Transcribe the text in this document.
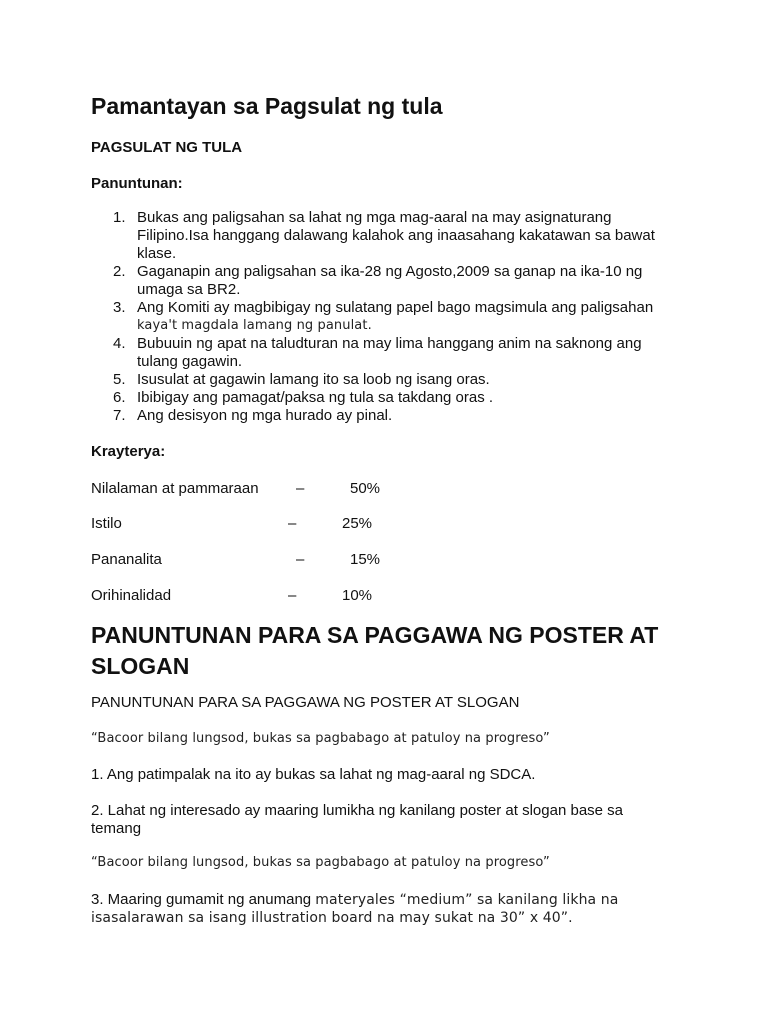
Pamantayan sa Pagsulat ng tula
PAGSULAT NG TULA
Panuntunan:
1. Bukas ang paligsahan sa lahat ng mga mag-aaral na may asignaturang
Filipino.Isa hanggang dalawang kalahok ang inaasahang kakatawan sa bawat
klase.
2. Gaganapin ang paligsahan sa ika-28 ng Agosto,2009 sa ganap na ika-10 ng
umaga sa BR2.
3. Ang Komiti ay magbibigay ng sulatang papel bago magsimula ang paligsahan
kaya't magdala lamang ng panulat.
4. Bubuuin ng apat na taludturan na may lima hanggang anim na saknong ang
tulang gagawin.
5. Isusulat at gagawin lamang ito sa loob ng isang oras.
6. Ibibigay ang pamagat/paksa ng tula sa takdang oras .
7. Ang desisyon ng mga hurado ay pinal.
Krayterya:
Nilalaman at pammaraan –	50%
Istilo	–	25%
Pananalita	–	15%
Orihinalidad	–	10%
PANUNTUNAN PARA SA PAGGAWA NG POSTER AT
SLOGAN
PANUNTUNAN PARA SA PAGGAWA NG POSTER AT SLOGAN
“Bacoor bilang lungsod, bukas sa pagbabago at patuloy na progreso”
1. Ang patimpalak na ito ay bukas sa lahat ng mag-aaral ng SDCA.
2. Lahat ng interesado ay maaring lumikha ng kanilang poster at slogan base sa
temang
“Bacoor bilang lungsod, bukas sa pagbabago at patuloy na progreso”
3. Maaring gumamit ng anumang materyales “medium” sa kanilang likha na
isasalarawan sa isang illustration board na may sukat na 30” x 40”.
